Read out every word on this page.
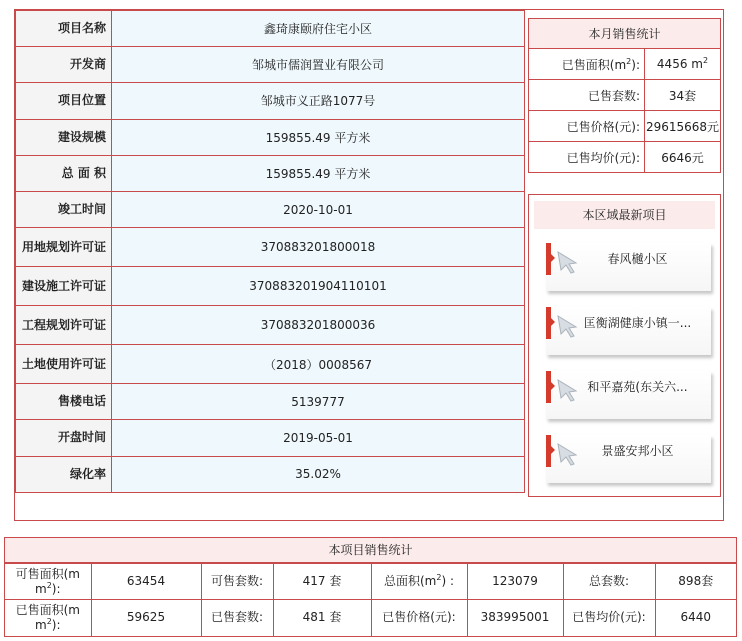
项目名称	鑫琦康颐府住宅小区
开发商	邹城市儒润置业有限公司
项目位置	邹城市义正路1077号
建设规模	159855.49 平方米
总 面 积	159855.49 平方米
竣工时间	2020-10-01
用地规划许可证	370883201800018
建设施工许可证	370883201904110101
工程规划许可证	370883201800036
土地使用许可证	（2018）0008567
售楼电话	5139777
开盘时间	2019-05-01
绿化率	35.02%
本月销售统计	
已售面积$(m^2)$:	4456 $m^2$
已售套数:	34套
已售价格(元):	29615668元
已售均价(元):	6646元
本区域最新项目
春风樾小区
匡衡湖健康小镇一...
和平嘉苑(东关六...
景盛安邦小区
本项目销售统计
可售面积(m
$m^2$):	63454	可售套数:	417 套	总面积$(m^2)$ :	123079	总套数:	898套
已售面积(m
$m^2$):	59625	已售套数:	481 套	已售价格(元):	383995001	已售均价(元):	6440
